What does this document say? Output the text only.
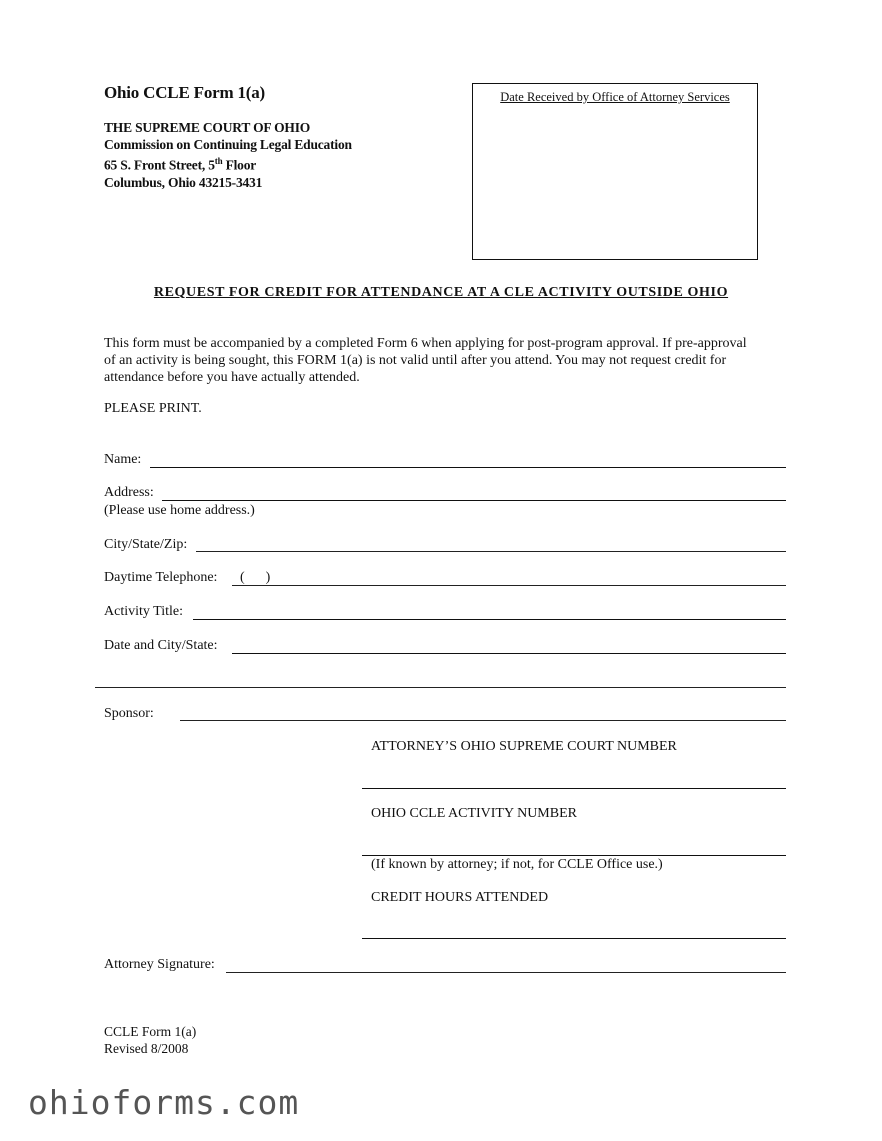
Ohio CCLE Form 1(a)
THE SUPREME COURT OF OHIO
Commission on Continuing Legal Education
65 S. Front Street, 5th Floor
Columbus, Ohio 43215-3431
Date Received by Office of Attorney Services
REQUEST FOR CREDIT FOR ATTENDANCE AT A CLE ACTIVITY OUTSIDE OHIO
This form must be accompanied by a completed Form 6 when applying for post-program approval. If pre-approval
of an activity is being sought, this FORM 1(a) is not valid until after you attend. You may not request credit for
attendance before you have actually attended.
PLEASE PRINT.
Name:
Address:
(Please use home address.)
City/State/Zip:
Daytime Telephone: (      )
Activity Title:
Date and City/State:
Sponsor:
ATTORNEY’S OHIO SUPREME COURT NUMBER
OHIO CCLE ACTIVITY NUMBER
(If known by attorney; if not, for CCLE Office use.)
CREDIT HOURS ATTENDED
Attorney Signature:
CCLE Form 1(a)
Revised 8/2008
ohioforms.com
